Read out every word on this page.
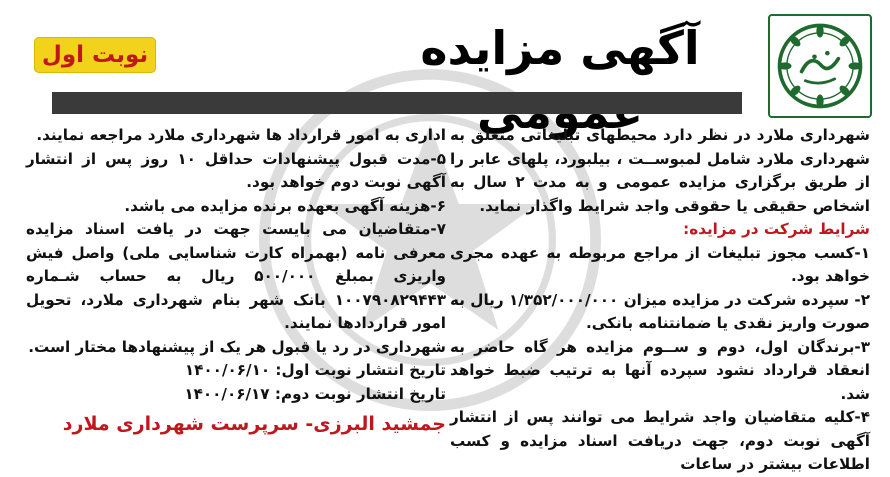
آگهی مزایده
نوبت اول

شهرداری ملارد در نظر دارد محیطهای تبلیغاتی متعلق به شهرداری ملارد شامل لمبوســت ، بیلبورد، پلهای عابر را از طریق برگزاری مزایده عمومی و به مدت ۲ سال به اشخاص حقیقی یا حقوقی واجد شرایط واگذار نماید.

شرایط شرکت در مزایده:

۱-کسب مجوز تبلیغات از مراجع مربوطه به عهده مجری خواهد بود.

۲- سپرده شرکت در مزایده میزان ۱/۳۵۲/۰۰۰/۰۰۰ ریال به صورت واریز نقدی یا ضمانتنامه بانکی.

۳-برندگان اول، دوم و ســوم مزایده هر گاه حاضر به انعقاد قرارداد نشود سپرده آنها به ترتیب ضبط خواهد شد.

۴-کلیه متقاضیان واجد شرایط می توانند پس از انتشار آگهی نوبت دوم، جهت دریافت اسناد مزایده و کسب اطلاعات بیشتر در ساعات

اداری به امور قرارداد ها شهرداری ملارد مراجعه نمایند.

۵-مدت قبول پیشنهادات حداقل ۱۰ روز پس از انتشار آگهی نوبت دوم خواهد بود.

۶-هزینه آگهی بعهده برنده مزایده می باشد.

۷-متقاضیان می بایست جهت در یافت اسناد مزایده معرفی نامه (بهمراه کارت شناسایی ملی) واصل فیش واریزی بمبلغ ۵۰۰/۰۰۰ ریال به حساب شـماره ۱۰۰۷۹۰۸۲۹۴۴۳ بانک شهر بنام شهرداری ملارد، تحویل امور قراردادها نمایند.

شهرداری در رد یا قبول هر یک از پیشنهادها مختار است.

تاریخ انتشار نوبت اول: ۱۴۰۰/۰۶/۱۰

تاریخ انتشار نوبت دوم: ۱۴۰۰/۰۶/۱۷

جمشید البرزی- سرپرست شهرداری ملارد
